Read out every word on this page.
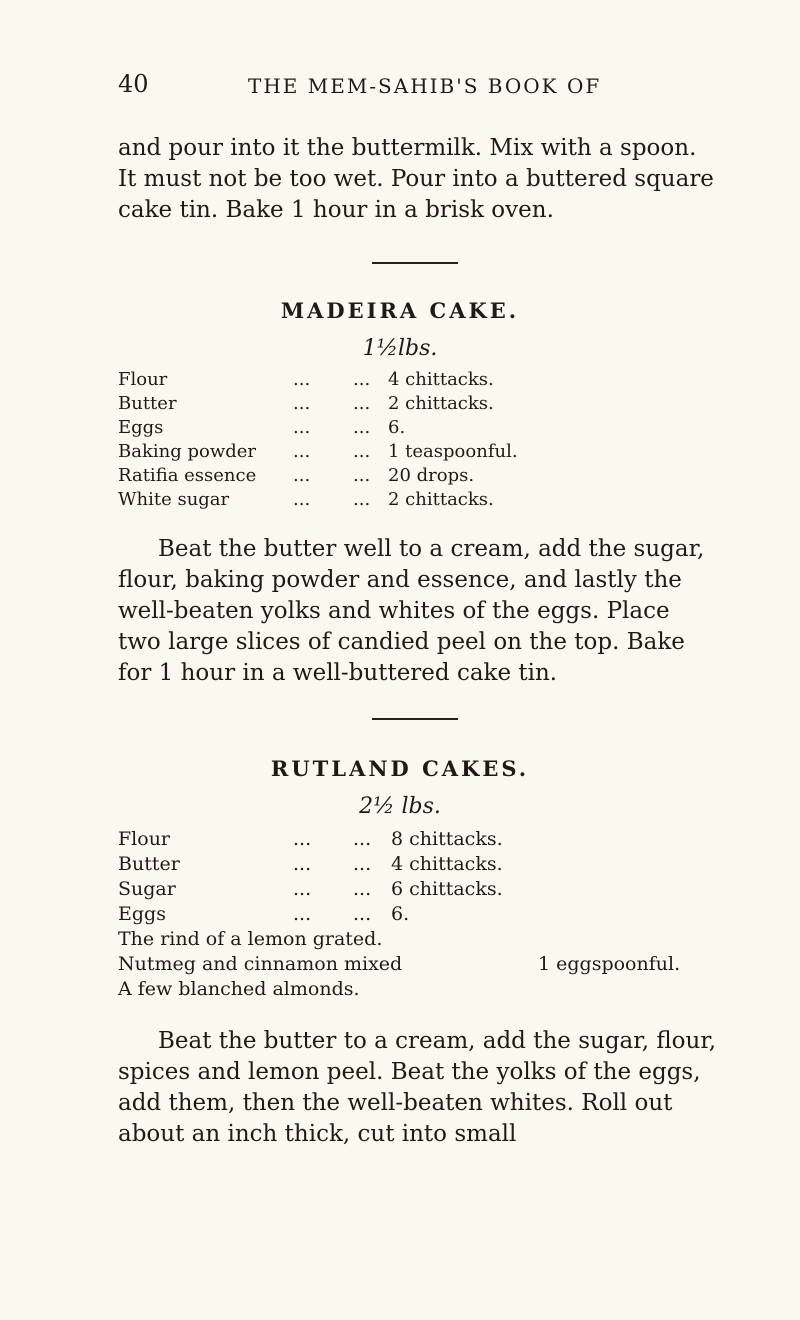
40	THE MEM-SAHIB'S BOOK OF

and pour into it the buttermilk. Mix with a spoon. It must not be too wet. Pour into a buttered square cake tin. Bake 1 hour in a brisk oven.

MADEIRA CAKE.
1½lbs.
Flour	... ... 4 chittacks.
Butter	... ... 2 chittacks.
Eggs	... ... 6.
Baking powder ... ... 1 teaspoonful.
Ratifia essence ... ... 20 drops.
White sugar	... ... 2 chittacks.

Beat the butter well to a cream, add the sugar, flour, baking powder and essence, and lastly the well-beaten yolks and whites of the eggs. Place two large slices of candied peel on the top. Bake for 1 hour in a well-buttered cake tin.

RUTLAND CAKES.
2½ lbs.
Flour	... ... 8 chittacks.
Butter	... ... 4 chittacks.
Sugar	... ... 6 chittacks.
Eggs	... ... 6.
The rind of a lemon grated.
Nutmeg and cinnamon mixed	1 eggspoonful.
A few blanched almonds.

Beat the butter to a cream, add the sugar, flour, spices and lemon peel. Beat the yolks of the eggs, add them, then the well-beaten whites. Roll out about an inch thick, cut into small
